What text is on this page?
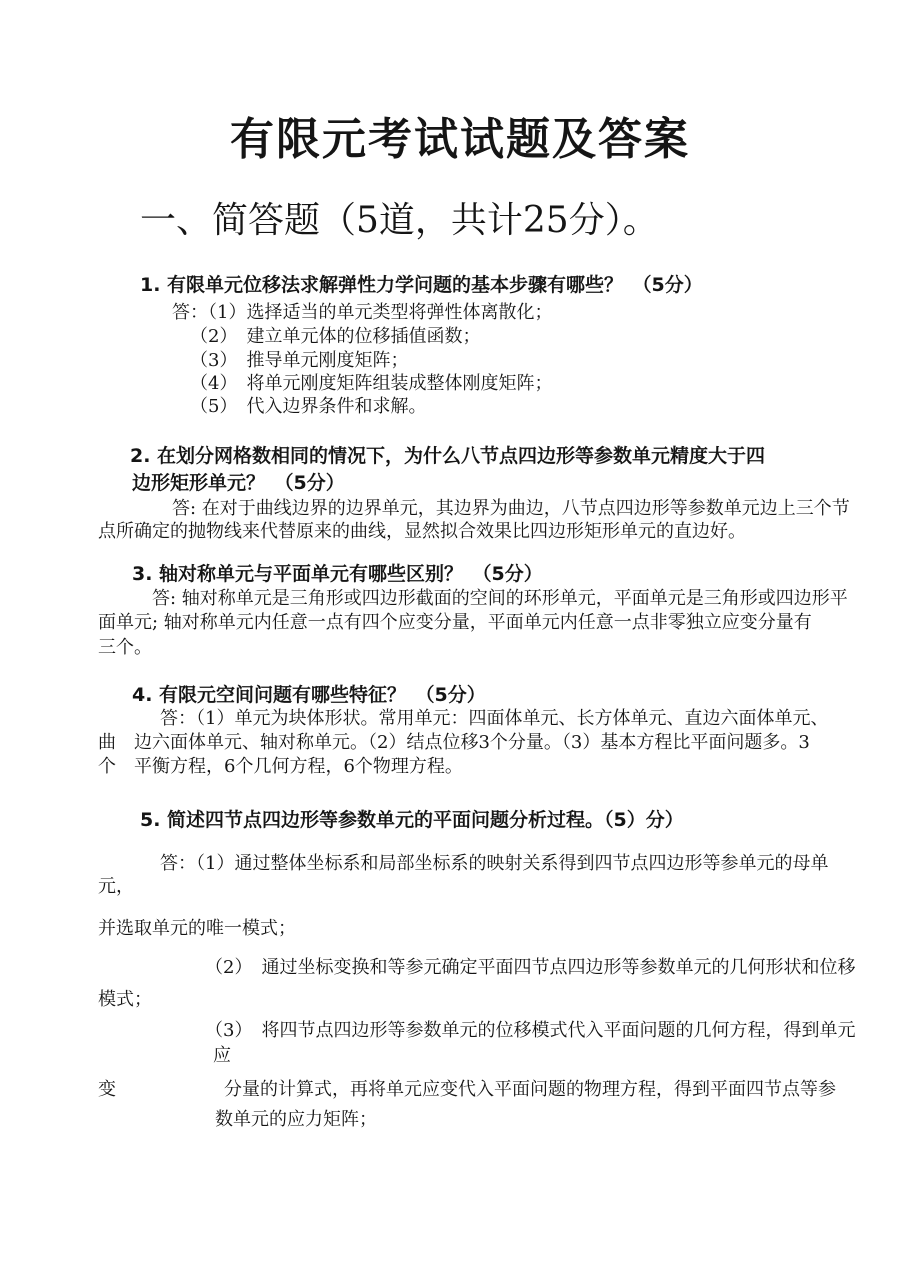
有限元考试试题及答案
一、简答题（5道，共计25分）。
1. 有限单元位移法求解弹性力学问题的基本步骤有哪些？　（5分）
答：（1）选择适当的单元类型将弹性体离散化；
（2）　建立单元体的位移插值函数；
（3）　推导单元刚度矩阵；
（4）　将单元刚度矩阵组装成整体刚度矩阵；
（5）　代入边界条件和求解。
2. 在划分网格数相同的情况下，为什么八节点四边形等参数单元精度大于四
边形矩形单元？　（5分）
答: 在对于曲线边界的边界单元，其边界为曲边，八节点四边形等参数单元边上三个节
点所确定的抛物线来代替原来的曲线，显然拟合效果比四边形矩形单元的直边好。
3. 轴对称单元与平面单元有哪些区别？　（5分）
答: 轴对称单元是三角形或四边形截面的空间的环形单元，平面单元是三角形或四边形平
面单元; 轴对称单元内任意一点有四个应变分量，平面单元内任意一点非零独立应变分量有
三个。
4. 有限元空间问题有哪些特征？　（5分）
答：（1）单元为块体形状。常用单元：四面体单元、长方体单元、直边六面体单元、
曲　边六面体单元、轴对称单元。（2）结点位移3个分量。（3）基本方程比平面问题多。3
个　平衡方程，6个几何方程，6个物理方程。
5. 简述四节点四边形等参数单元的平面问题分析过程。（5）分）
答：（1）通过整体坐标系和局部坐标系的映射关系得到四节点四边形等参单元的母单
元，
并选取单元的唯一模式；
（2）　通过坐标变换和等参元确定平面四节点四边形等参数单元的几何形状和位移
模式；
（3）　将四节点四边形等参数单元的位移模式代入平面问题的几何方程，得到单元
应
变　　　　　　分量的计算式，再将单元应变代入平面问题的物理方程，得到平面四节点等参
数单元的应力矩阵；
